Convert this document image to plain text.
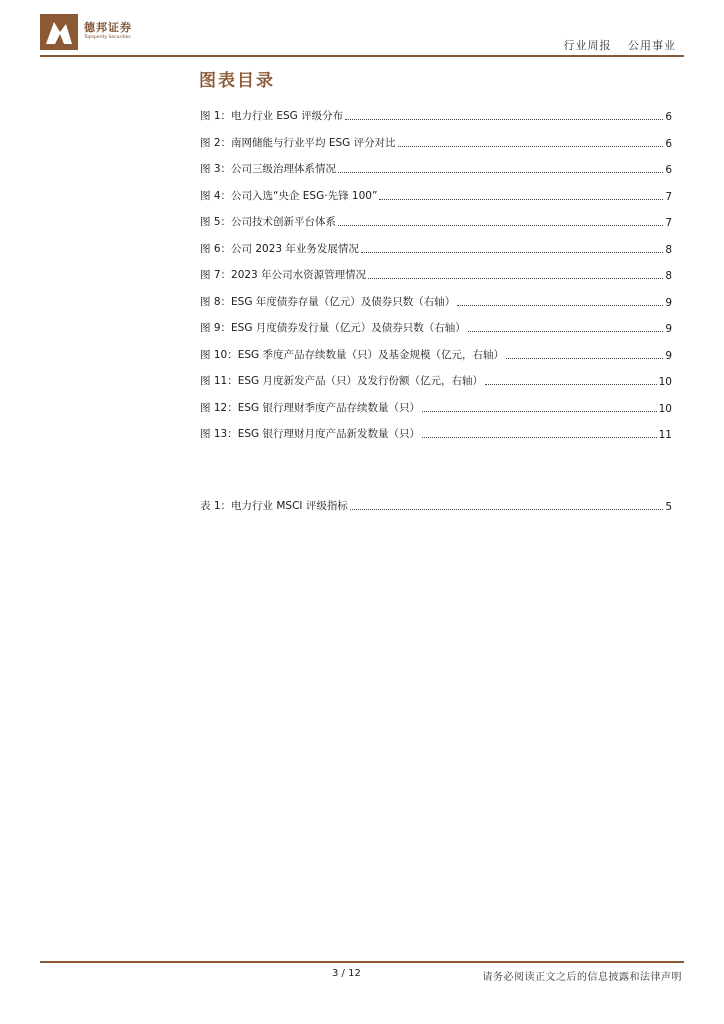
德邦证券
Topsperity Securities
行业周报 公用事业
图表目录
图 1：电力行业 ESG 评级分布	6
图 2：南网储能与行业平均 ESG 评分对比	6
图 3：公司三级治理体系情况	6
图 4：公司入选“央企 ESG·先锋 100”	7
图 5：公司技术创新平台体系	7
图 6：公司 2023 年业务发展情况	8
图 7：2023 年公司水资源管理情况	8
图 8：ESG 年度债券存量（亿元）及债券只数（右轴）	9
图 9：ESG 月度债券发行量（亿元）及债券只数（右轴）	9
图 10：ESG 季度产品存续数量（只）及基金规模（亿元，右轴）	9
图 11：ESG 月度新发产品（只）及发行份额（亿元，右轴）	10
图 12：ESG 银行理财季度产品存续数量（只）	10
图 13：ESG 银行理财月度产品新发数量（只）	11
表 1：电力行业 MSCI 评级指标	5
3 / 12	请务必阅读正文之后的信息披露和法律声明
